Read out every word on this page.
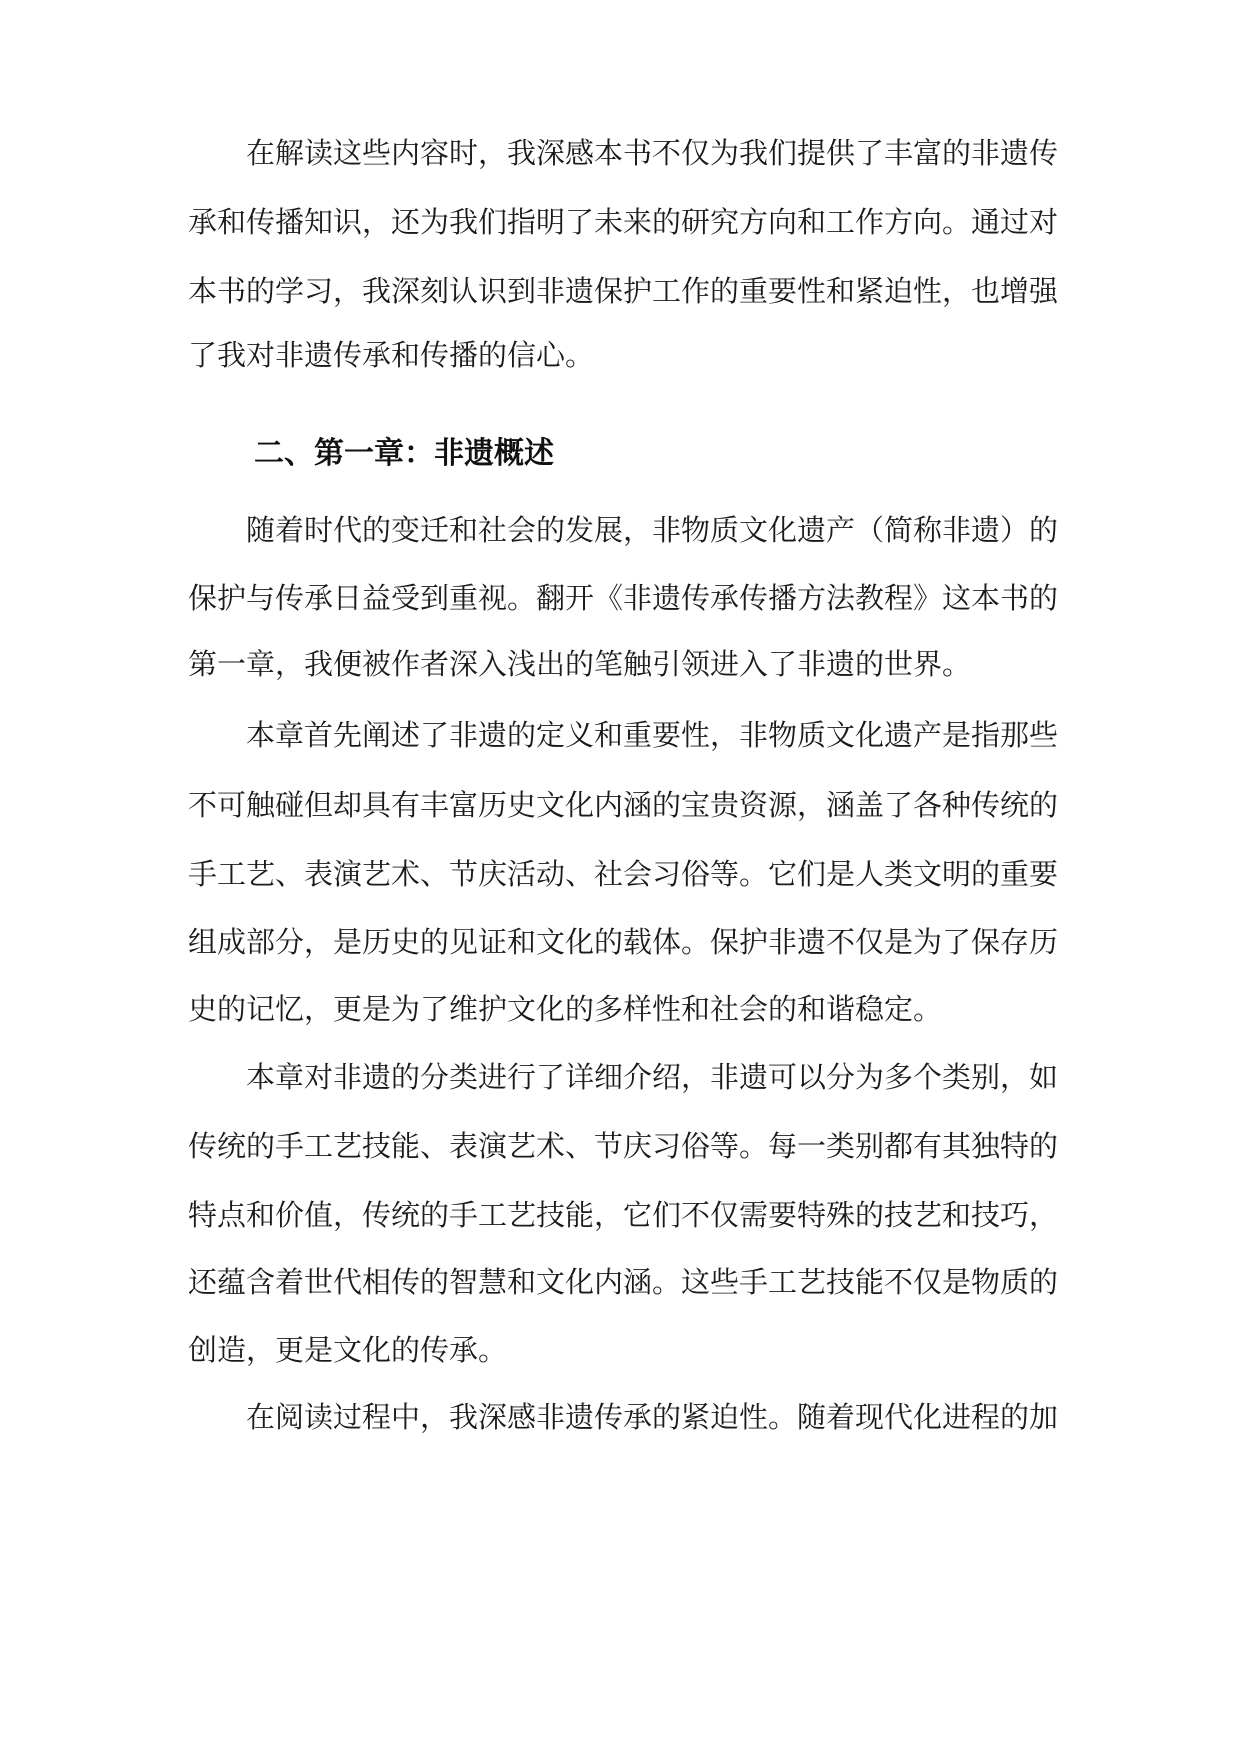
在解读这些内容时，我深感本书不仅为我们提供了丰富的非遗传
承和传播知识，还为我们指明了未来的研究方向和工作方向。通过对
本书的学习，我深刻认识到非遗保护工作的重要性和紧迫性，也增强
了我对非遗传承和传播的信心。
二、第一章：非遗概述
随着时代的变迁和社会的发展，非物质文化遗产（简称非遗）的
保护与传承日益受到重视。翻开《非遗传承传播方法教程》这本书的
第一章，我便被作者深入浅出的笔触引领进入了非遗的世界。
本章首先阐述了非遗的定义和重要性，非物质文化遗产是指那些
不可触碰但却具有丰富历史文化内涵的宝贵资源，涵盖了各种传统的
手工艺、表演艺术、节庆活动、社会习俗等。它们是人类文明的重要
组成部分，是历史的见证和文化的载体。保护非遗不仅是为了保存历
史的记忆，更是为了维护文化的多样性和社会的和谐稳定。
本章对非遗的分类进行了详细介绍，非遗可以分为多个类别，如
传统的手工艺技能、表演艺术、节庆习俗等。每一类别都有其独特的
特点和价值，传统的手工艺技能，它们不仅需要特殊的技艺和技巧，
还蕴含着世代相传的智慧和文化内涵。这些手工艺技能不仅是物质的
创造，更是文化的传承。
在阅读过程中，我深感非遗传承的紧迫性。随着现代化进程的加
